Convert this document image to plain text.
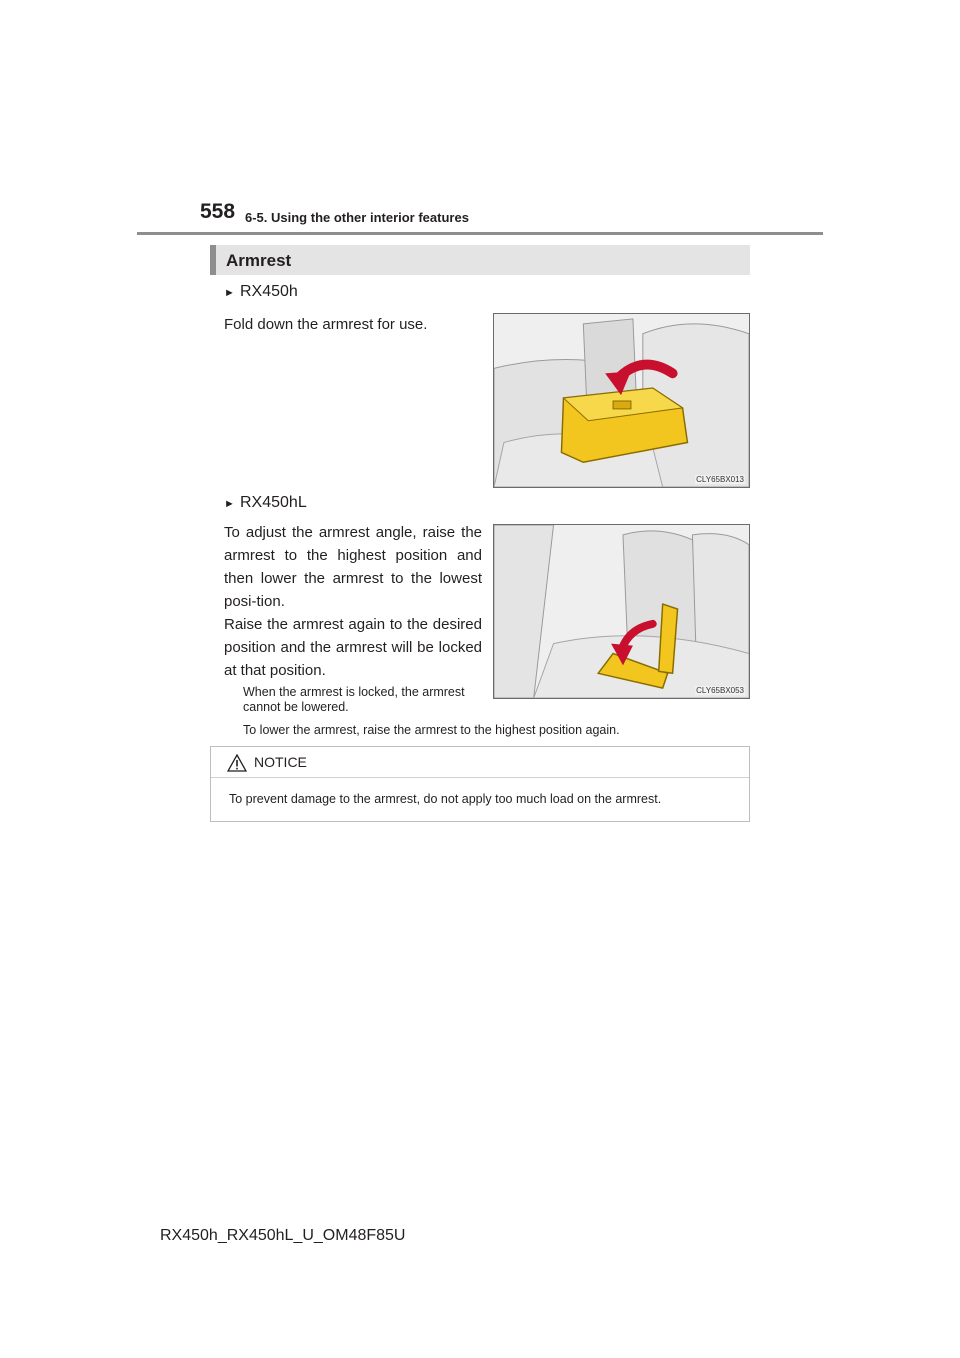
558 6-5. Using the other interior features
Armrest
► RX450h
Fold down the armrest for use.
CLY65BX013
► RX450hL
To adjust the armrest angle, raise the armrest to the highest position and then lower the armrest to the lowest posi-tion.
Raise the armrest again to the desired position and the armrest will be locked at that position.
CLY65BX053
When the armrest is locked, the armrest cannot be lowered.
To lower the armrest, raise the armrest to the highest position again.
NOTICE
To prevent damage to the armrest, do not apply too much load on the armrest.
RX450h_RX450hL_U_OM48F85U
